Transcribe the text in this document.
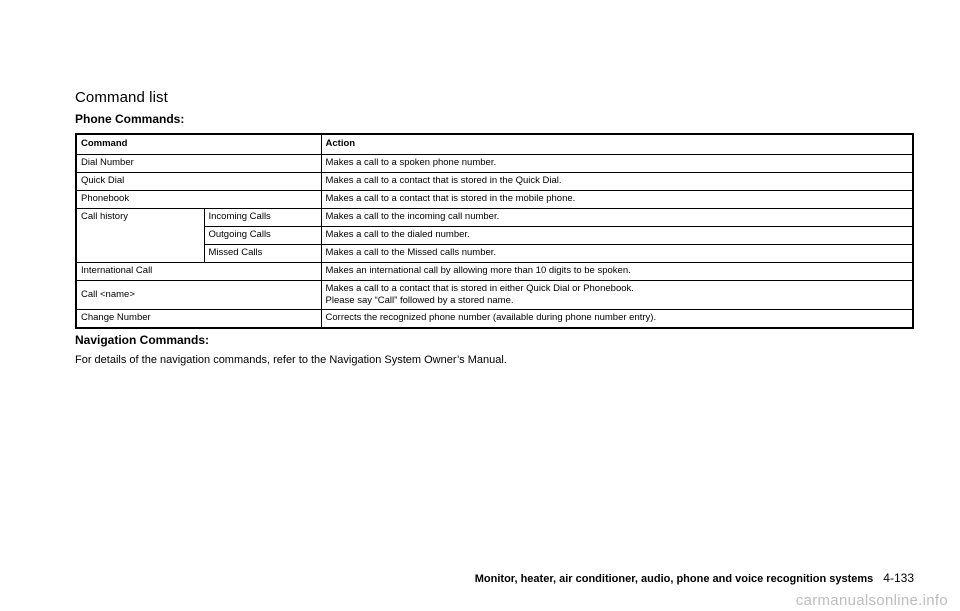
Command list
Phone Commands:
Command		Action
Dial Number		Makes a call to a spoken phone number.
Quick Dial		Makes a call to a contact that is stored in the Quick Dial.
Phonebook		Makes a call to a contact that is stored in the mobile phone.
Call history	Incoming Calls	Makes a call to the incoming call number.
	Outgoing Calls	Makes a call to the dialed number.
	Missed Calls	Makes a call to the Missed calls number.
International Call		Makes an international call by allowing more than 10 digits to be spoken.
Call <name>		Makes a call to a contact that is stored in either Quick Dial or Phonebook.
Please say “Call” followed by a stored name.

Change Number		Corrects the recognized phone number (available during phone number entry).
Navigation Commands:
For details of the navigation commands, refer to the Navigation System Owner’s Manual.
Monitor, heater, air conditioner, audio, phone and voice recognition systems 4-133
carmanualsonline.info
